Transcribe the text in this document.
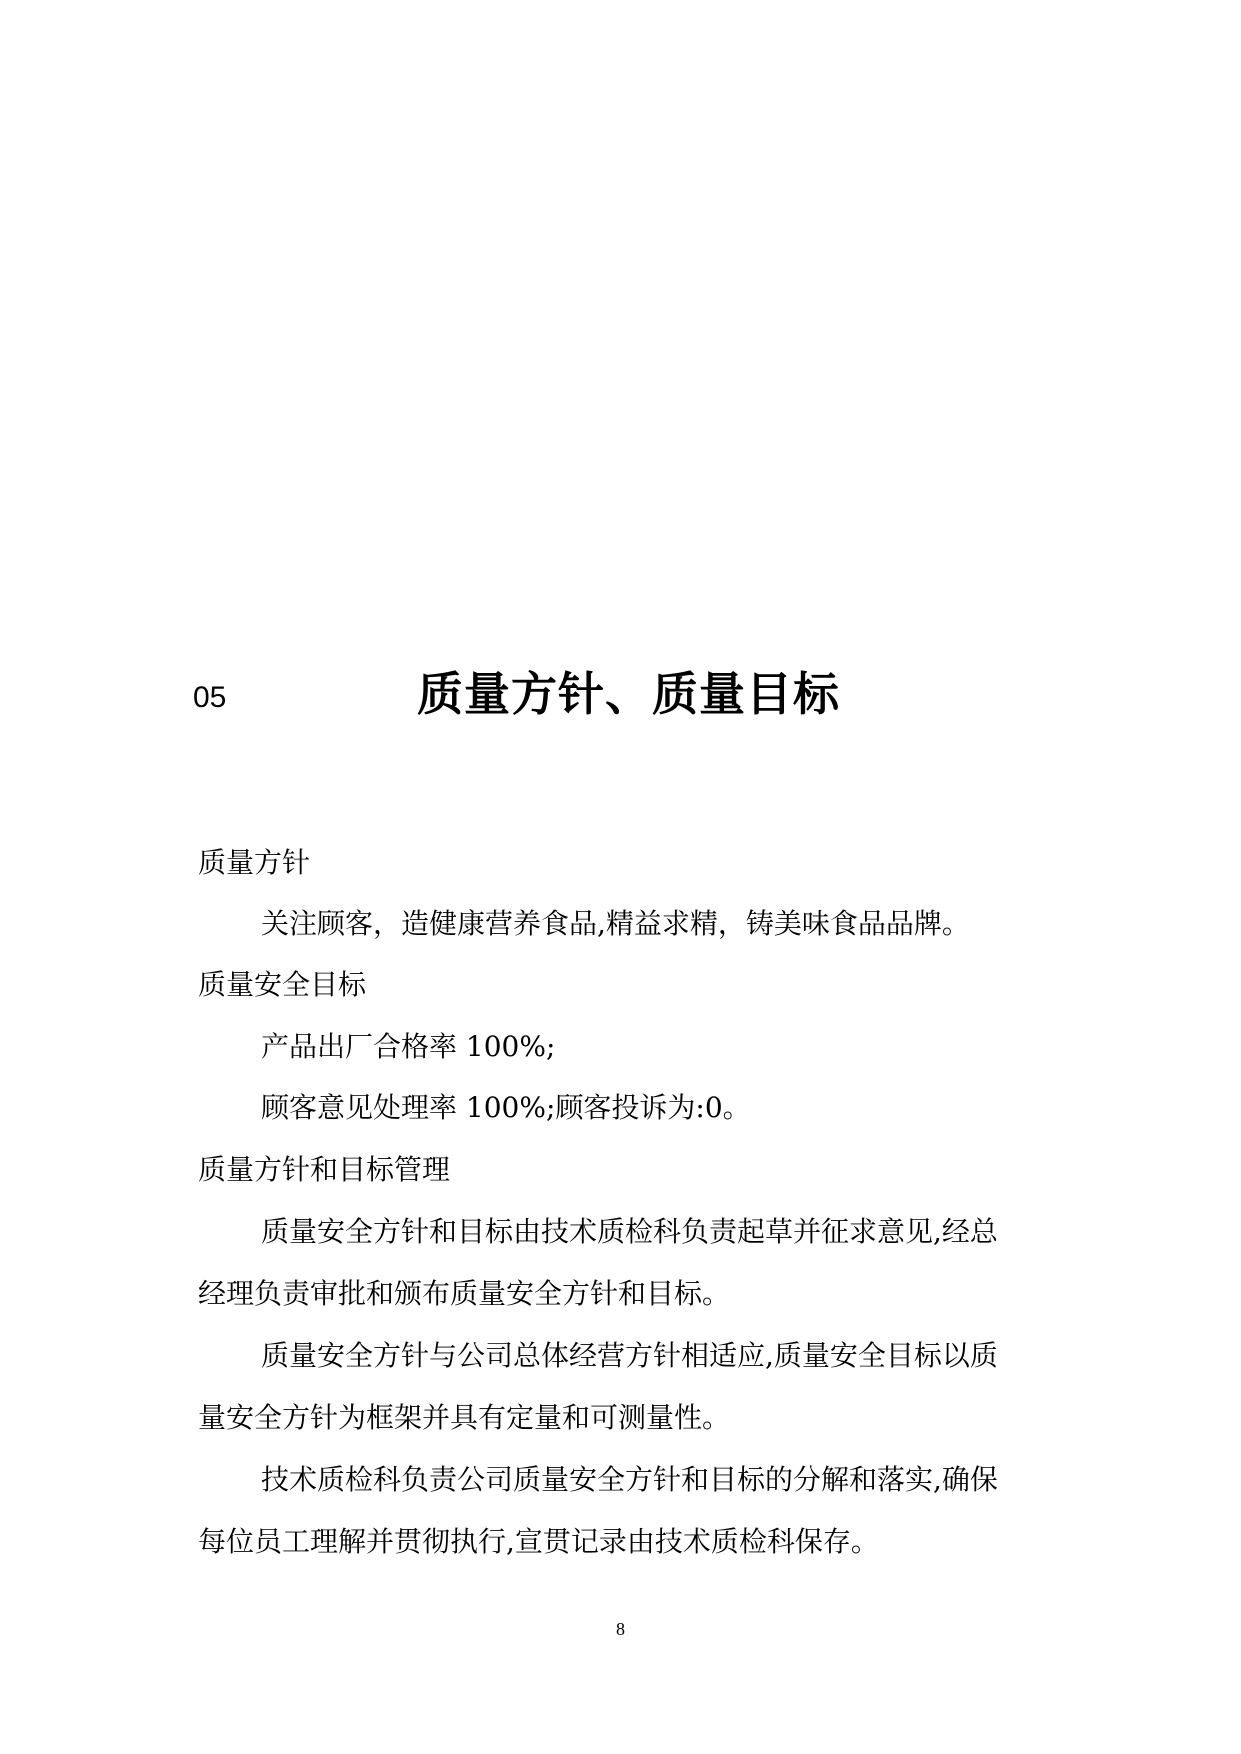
05	质量方针、质量目标
质量方针
关注顾客，造健康营养食品,精益求精，铸美味食品品牌。
质量安全目标
产品出厂合格率 100%;
顾客意见处理率 100%;顾客投诉为:0。
质量方针和目标管理
质量安全方针和目标由技术质检科负责起草并征求意见,经总
经理负责审批和颁布质量安全方针和目标。
质量安全方针与公司总体经营方针相适应,质量安全目标以质
量安全方针为框架并具有定量和可测量性。
技术质检科负责公司质量安全方针和目标的分解和落实,确保
每位员工理解并贯彻执行,宣贯记录由技术质检科保存。
8
